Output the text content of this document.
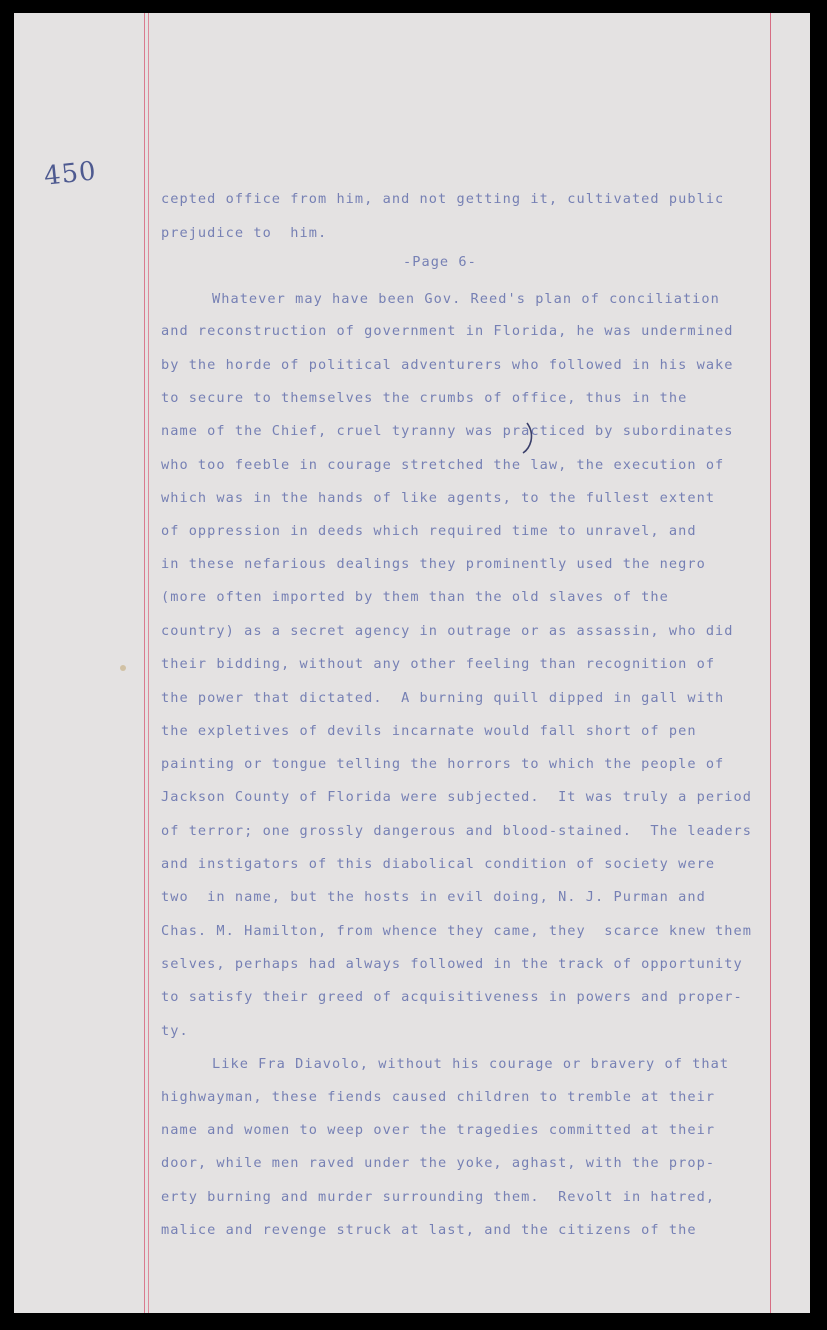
450
cepted office from him, and not getting it, cultivated public
prejudice to  him.
-Page 6-
Whatever may have been Gov. Reed's plan of conciliation
and reconstruction of government in Florida, he was undermined
by the horde of political adventurers who followed in his wake
to secure to themselves the crumbs of office, thus in the
name of the Chief, cruel tyranny was practiced by subordinates
who too feeble in courage stretched the law, the execution of
which was in the hands of like agents, to the fullest extent
of oppression in deeds which required time to unravel, and
in these nefarious dealings they prominently used the negro
(more often imported by them than the old slaves of the
country) as a secret agency in outrage or as assassin, who did
their bidding, without any other feeling than recognition of
the power that dictated.  A burning quill dipped in gall with
the expletives of devils incarnate would fall short of pen
painting or tongue telling the horrors to which the people of
Jackson County of Florida were subjected.  It was truly a period
of terror; one grossly dangerous and blood-stained.  The leaders
and instigators of this diabolical condition of society were
two  in name, but the hosts in evil doing, N. J. Purman and
Chas. M. Hamilton, from whence they came, they  scarce knew them
selves, perhaps had always followed in the track of opportunity
to satisfy their greed of acquisitiveness in powers and proper-
ty.
Like Fra Diavolo, without his courage or bravery of that
highwayman, these fiends caused children to tremble at their
name and women to weep over the tragedies committed at their
door, while men raved under the yoke, aghast, with the prop-
erty burning and murder surrounding them.  Revolt in hatred,
malice and revenge struck at last, and the citizens of the
